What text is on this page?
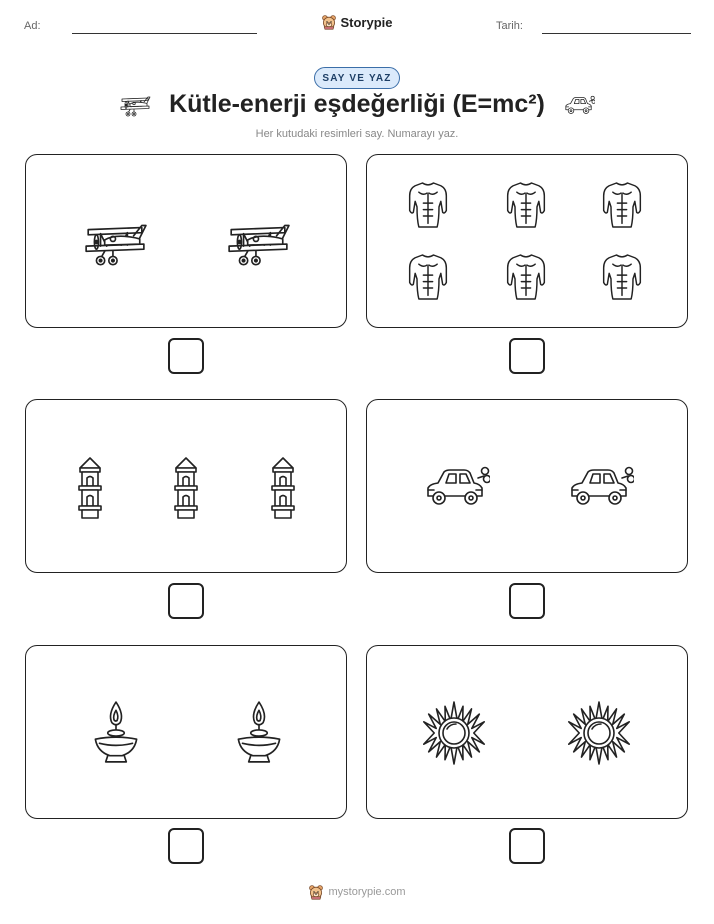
Ad:	Storypie	Tarih:
SAY VE YAZ
Kütle-enerji eşdeğerliği (E=mc²)
Her kutudaki resimleri say. Numarayı yaz.
mystorypie.com
